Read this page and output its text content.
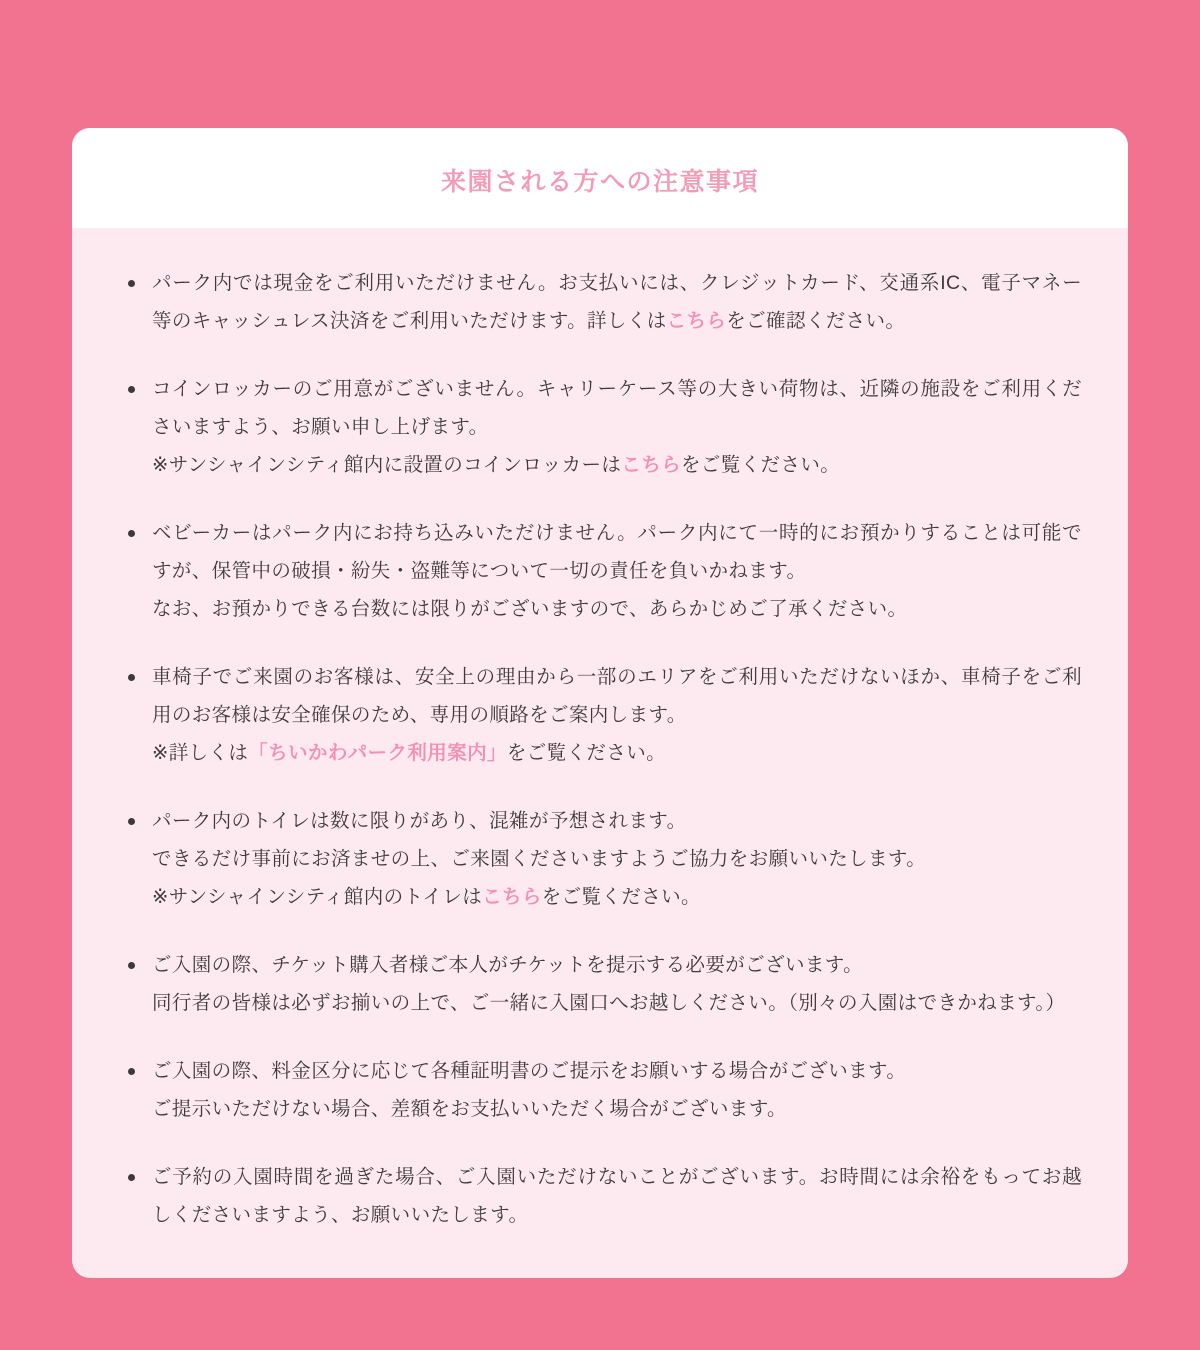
来園される方への注意事項
パーク内では現金をご利用いただけません。お支払いには、クレジットカード、交通系IC、電子マネー等のキャッシュレス決済をご利用いただけます。詳しくはこちらをご確認ください。
コインロッカーのご用意がございません。キャリーケース等の大きい荷物は、近隣の施設をご利用くださいますよう、お願い申し上げます。
※サンシャインシティ館内に設置のコインロッカーはこちらをご覧ください。
ベビーカーはパーク内にお持ち込みいただけません。パーク内にて一時的にお預かりすることは可能ですが、保管中の破損・紛失・盗難等について一切の責任を負いかねます。
なお、お預かりできる台数には限りがございますので、あらかじめご了承ください。
車椅子でご来園のお客様は、安全上の理由から一部のエリアをご利用いただけないほか、車椅子をご利用のお客様は安全確保のため、専用の順路をご案内します。
※詳しくは「ちいかわパーク利用案内」をご覧ください。
パーク内のトイレは数に限りがあり、混雑が予想されます。
できるだけ事前にお済ませの上、ご来園くださいますようご協力をお願いいたします。
※サンシャインシティ館内のトイレはこちらをご覧ください。
ご入園の際、チケット購入者様ご本人がチケットを提示する必要がございます。
同行者の皆様は必ずお揃いの上で、ご一緒に入園口へお越しください。（別々の入園はできかねます。）
ご入園の際、料金区分に応じて各種証明書のご提示をお願いする場合がございます。
ご提示いただけない場合、差額をお支払いいただく場合がございます。
ご予約の入園時間を過ぎた場合、ご入園いただけないことがございます。お時間には余裕をもってお越しくださいますよう、お願いいたします。
